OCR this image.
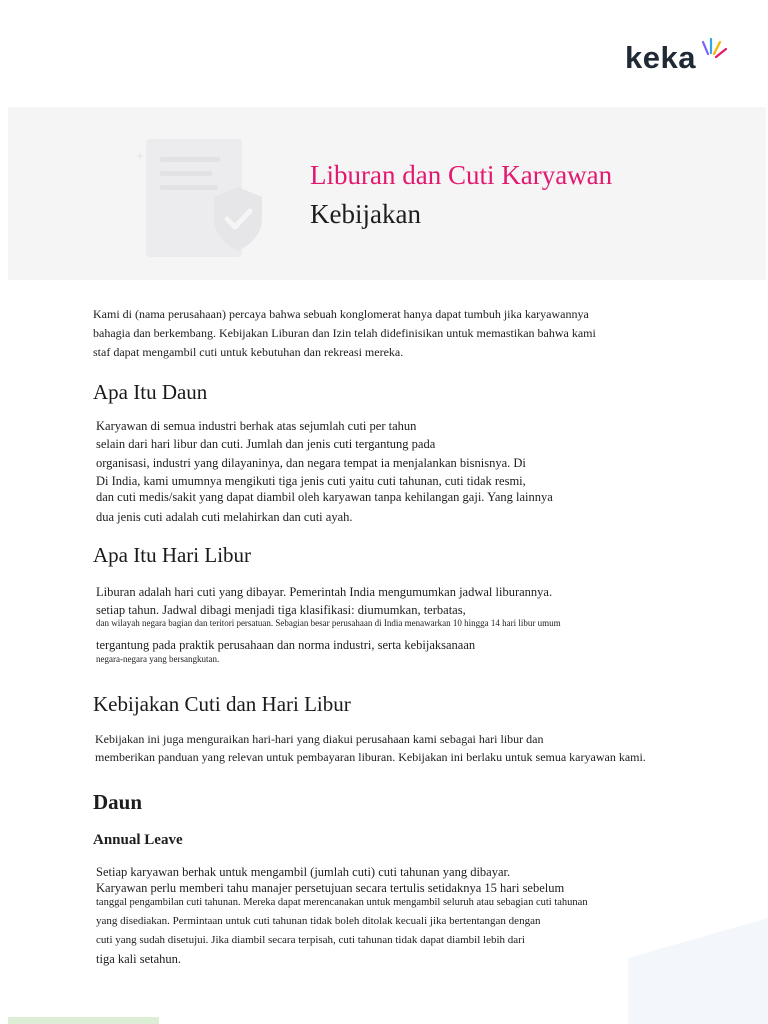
keka
+
Liburan dan Cuti Karyawan
Kebijakan
Kami di (nama perusahaan) percaya bahwa sebuah konglomerat hanya dapat tumbuh jika karyawannya
bahagia dan berkembang. Kebijakan Liburan dan Izin telah didefinisikan untuk memastikan bahwa kami
staf dapat mengambil cuti untuk kebutuhan dan rekreasi mereka.
Apa Itu Daun
Karyawan di semua industri berhak atas sejumlah cuti per tahun
selain dari hari libur dan cuti. Jumlah dan jenis cuti tergantung pada
organisasi, industri yang dilayaninya, dan negara tempat ia menjalankan bisnisnya. Di
Di India, kami umumnya mengikuti tiga jenis cuti yaitu cuti tahunan, cuti tidak resmi,
dan cuti medis/sakit yang dapat diambil oleh karyawan tanpa kehilangan gaji. Yang lainnya
dua jenis cuti adalah cuti melahirkan dan cuti ayah.
Apa Itu Hari Libur
Liburan adalah hari cuti yang dibayar. Pemerintah India mengumumkan jadwal liburannya.
setiap tahun. Jadwal dibagi menjadi tiga klasifikasi: diumumkan, terbatas,
dan wilayah negara bagian dan teritori persatuan. Sebagian besar perusahaan di India menawarkan 10 hingga 14 hari libur umum
tergantung pada praktik perusahaan dan norma industri, serta kebijaksanaan
negara-negara yang bersangkutan.
Kebijakan Cuti dan Hari Libur
Kebijakan ini juga menguraikan hari-hari yang diakui perusahaan kami sebagai hari libur dan
memberikan panduan yang relevan untuk pembayaran liburan. Kebijakan ini berlaku untuk semua karyawan kami.
Daun
Annual Leave
Setiap karyawan berhak untuk mengambil (jumlah cuti) cuti tahunan yang dibayar.
Karyawan perlu memberi tahu manajer persetujuan secara tertulis setidaknya 15 hari sebelum
tanggal pengambilan cuti tahunan. Mereka dapat merencanakan untuk mengambil seluruh atau sebagian cuti tahunan
yang disediakan. Permintaan untuk cuti tahunan tidak boleh ditolak kecuali jika bertentangan dengan
cuti yang sudah disetujui. Jika diambil secara terpisah, cuti tahunan tidak dapat diambil lebih dari
tiga kali setahun.
